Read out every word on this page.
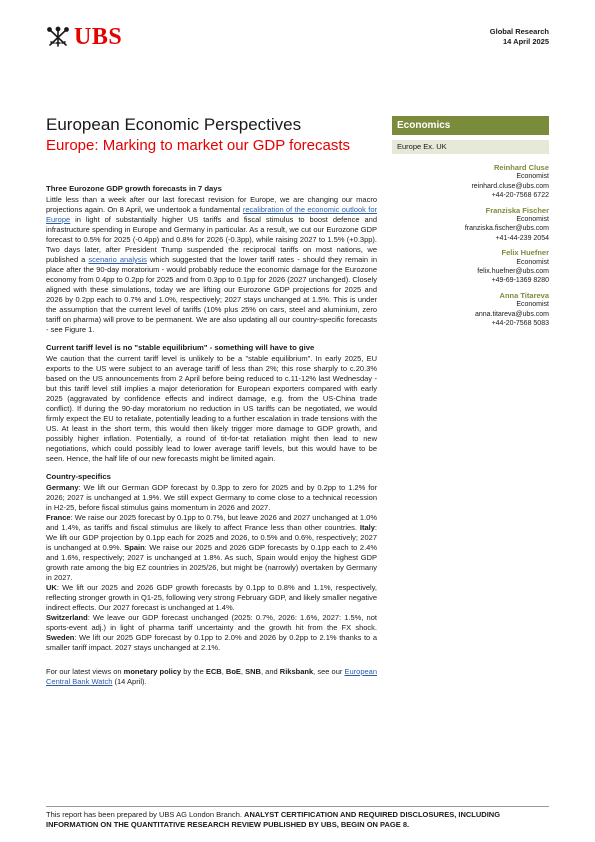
UBS	Global Research
14 April 2025
European Economic Perspectives
Europe: Marking to market our GDP forecasts
Economics
Europe Ex. UK
Reinhard Cluse
Economist
reinhard.cluse@ubs.com
+44-20-7568 6722
Franziska Fischer
Economist
franziska.fischer@ubs.com
+41-44-239 2054
Felix Huefner
Economist
felix.huefner@ubs.com
+49-69-1369 8280
Anna Titareva
Economist
anna.titareva@ubs.com
+44-20-7568 5083
Three Eurozone GDP growth forecasts in 7 days

Little less than a week after our last forecast revision for Europe, we are changing our macro projections again. On 8 April, we undertook a fundamental recalibration of the economic outlook for Europe in light of substantially higher US tariffs and fiscal stimulus to boost defence and infrastructure spending in Europe and Germany in particular. As a result, we cut our Eurozone GDP forecast to 0.5% for 2025 (-0.4pp) and 0.8% for 2026 (-0.3pp), while raising 2027 to 1.5% (+0.3pp). Two days later, after President Trump suspended the reciprocal tariffs on most nations, we published a scenario analysis which suggested that the lower tariff rates - should they remain in place after the 90-day moratorium - would probably reduce the economic damage for the Eurozone economy from 0.4pp to 0.2pp for 2025 and from 0.3pp to 0.1pp for 2026 (2027 unchanged). Closely aligned with these simulations, today we are lifting our Eurozone GDP projections for 2025 and 2026 by 0.2pp each to 0.7% and 1.0%, respectively; 2027 stays unchanged at 1.5%. This is under the assumption that the current level of tariffs (10% plus 25% on cars, steel and aluminium, zero tariff on pharma) will prove to be permanent. We are also updating all our country-specific forecasts - see Figure 1.

Current tariff level is no "stable equilibrium" - something will have to give

We caution that the current tariff level is unlikely to be a "stable equilibrium". In early 2025, EU exports to the US were subject to an average tariff of less than 2%; this rose sharply to c.20.3% based on the US announcements from 2 April before being reduced to c.11-12% last Wednesday - but this tariff level still implies a major deterioration for European exporters compared with early 2025 (aggravated by confidence effects and indirect damage, e.g. from the US-China trade conflict). If during the 90-day moratorium no reduction in US tariffs can be negotiated, we would firmly expect the EU to retaliate, potentially leading to a further escalation in trade tensions with the US. At least in the short term, this would then likely trigger more damage to GDP growth, and possibly higher inflation. Potentially, a round of tit-for-tat retaliation might then lead to new negotiations, which could possibly lead to lower average tariff levels, but this would have to be seen. Hence, the half life of our new forecasts might be limited again.

Country-specifics

Germany: We lift our German GDP forecast by 0.3pp to zero for 2025 and by 0.2pp to 1.2% for 2026; 2027 is unchanged at 1.9%. We still expect Germany to come close to a technical recession in H2-25, before fiscal stimulus gains momentum in 2026 and 2027.
France: We raise our 2025 forecast by 0.1pp to 0.7%, but leave 2026 and 2027 unchanged at 1.0% and 1.4%, as tariffs and fiscal stimulus are likely to affect France less than other countries. Italy: We lift our GDP projection by 0.1pp each for 2025 and 2026, to 0.5% and 0.6%, respectively; 2027 is unchanged at 0.9%. Spain: We raise our 2025 and 2026 GDP forecasts by 0.1pp each to 2.4% and 1.6%, respectively; 2027 is unchanged at 1.8%. As such, Spain would enjoy the highest GDP growth rate among the big EZ countries in 2025/26, but might be (narrowly) overtaken by Germany in 2027.
UK: We lift our 2025 and 2026 GDP growth forecasts by 0.1pp to 0.8% and 1.1%, respectively, reflecting stronger growth in Q1-25, following very strong February GDP, and likely smaller negative indirect effects. Our 2027 forecast is unchanged at 1.4%.
Switzerland: We leave our GDP forecast unchanged (2025: 0.7%, 2026: 1.6%, 2027: 1.5%, not sports-event adj.) in light of pharma tariff uncertainty and the growth hit from the FX shock. Sweden: We lift our 2025 GDP forecast by 0.1pp to 2.0% and 2026 by 0.2pp to 2.1% thanks to a smaller tariff impact. 2027 stays unchanged at 2.1%.

For our latest views on monetary policy by the ECB, BoE, SNB, and Riksbank, see our European Central Bank Watch (14 April).

This report has been prepared by UBS AG London Branch. ANALYST CERTIFICATION AND REQUIRED DISCLOSURES, INCLUDING INFORMATION ON THE QUANTITATIVE RESEARCH REVIEW PUBLISHED BY UBS, BEGIN ON PAGE 8.
